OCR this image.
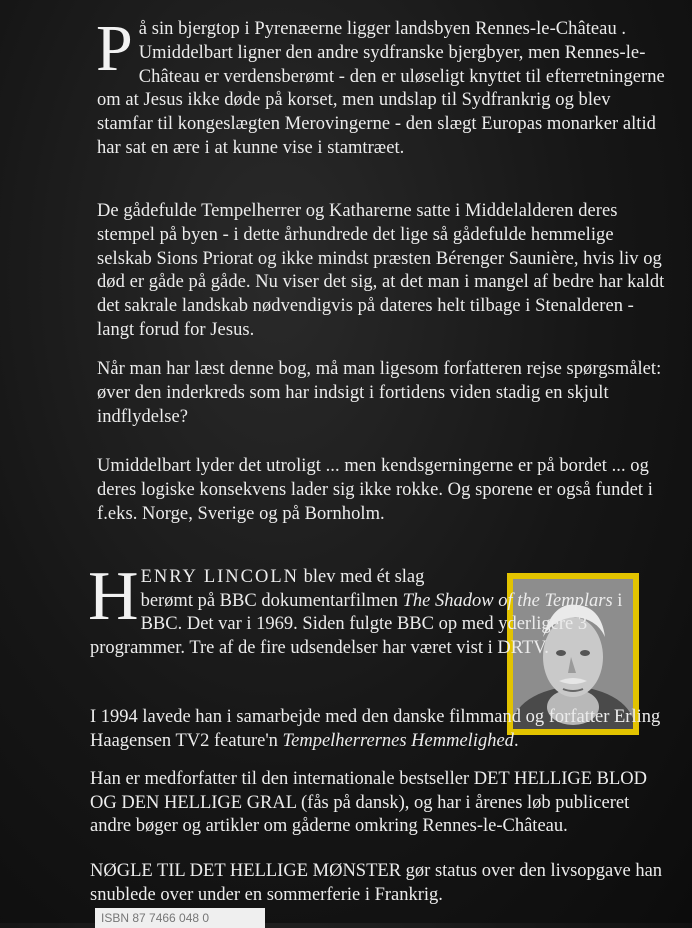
På sin bjergtop i Pyrenæerne ligger landsbyen Rennes-le-Château . Umiddelbart ligner den andre sydfranske bjergbyer, men Rennes-le-Château er verdensberømt - den er uløseligt knyttet til efterretningerne om at Jesus ikke døde på korset, men undslap til Sydfrankrig og blev stamfar til kongeslægten Merovingerne - den slægt Europas monarker altid har sat en ære i at kunne vise i stamtræet.

De gådefulde Tempelherrer og Katharerne satte i Middelalderen deres stempel på byen - i dette århundrede det lige så gådefulde hemmelige selskab Sions Priorat og ikke mindst præsten Bérenger Saunière, hvis liv og død er gåde på gåde. Nu viser det sig, at det man i mangel af bedre har kaldt det sakrale landskab nødvendigvis på dateres helt tilbage i Stenalderen - langt forud for Jesus.

Når man har læst denne bog, må man ligesom forfatteren rejse spørgsmålet: øver den inderkreds som har indsigt i fortidens viden stadig en skjult indflydelse?

Umiddelbart lyder det utroligt ... men kendsgerningerne er på bordet ... og deres logiske konsekvens lader sig ikke rokke. Og sporene er også fundet i f.eks. Norge, Sverige og på Bornholm.

HENRY LINCOLN blev med ét slag
berømt på BBC dokumentarfilmen The Shadow of the Templars i BBC. Det var i 1969. Siden fulgte BBC op med yderligere 3 programmer. Tre af de fire udsendelser har været vist i DRTV.
I 1994 lavede han i samarbejde med den danske filmmand og forfatter Erling Haagensen TV2 feature'n Tempelherrernes Hemmelighed.
Han er medforfatter til den internationale bestseller DET HELLIGE BLOD OG DEN HELLIGE GRAL (fås på dansk), og har i årenes løb publiceret andre bøger og artikler om gåderne omkring Rennes-le-Château.
NØGLE TIL DET HELLIGE MØNSTER gør status over den livsopgave han snublede over under en sommerferie i Frankrig.
ISBN 87 7466 048 0
